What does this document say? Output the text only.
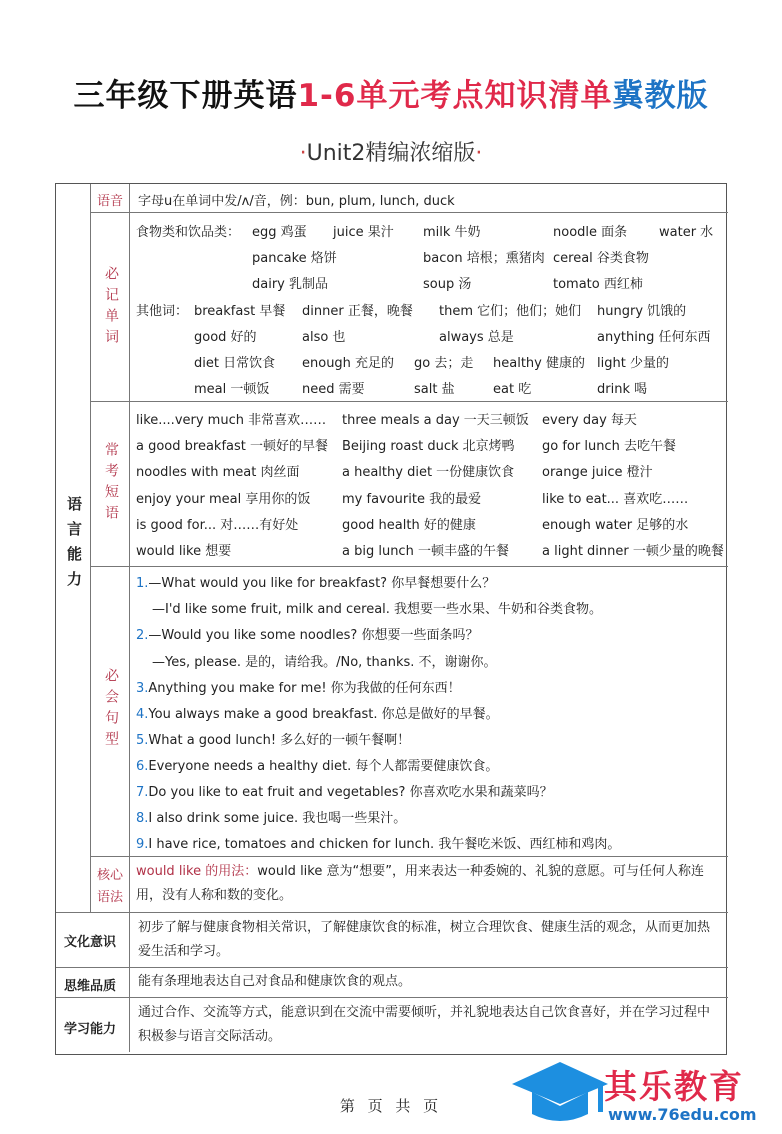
三年级下册英语1-6单元考点知识清单冀教版
·Unit2精编浓缩版·
语言能力
语音 字母u在单词中发/ʌ/音，例：bun, plum, lunch, duck
必记单词
食物类和饮品类： egg 鸡蛋 juice 果汁 milk 牛奶	noodle 面条 water 水
pancake 烙饼	bacon 培根；熏猪肉 cereal 谷类食物
dairy 乳制品	soup 汤	tomato 西红柿
其他词： breakfast 早餐 dinner 正餐，晚餐 them 它们；他们；她们 hungry 饥饿的
good 好的	also 也	always 总是	anything 任何东西
diet 日常饮食 enough 充足的 go 去；走 healthy 健康的 light 少量的
meal 一顿饭	need 需要	salt 盐	eat 吃	drink 喝
常考短语
like....very much 非常喜欢…… three meals a day 一天三顿饭 every day 每天
a good breakfast 一顿好的早餐 Beijing roast duck 北京烤鸭 go for lunch 去吃午餐
noodles with meat 肉丝面	a healthy diet 一份健康饮食 orange juice 橙汁
enjoy your meal 享用你的饭 my favourite 我的最爱	like to eat... 喜欢吃……
is good for... 对……有好处	good health 好的健康	enough water 足够的水
would like 想要	a big lunch 一顿丰盛的午餐	a light dinner 一顿少量的晚餐
必会句型
1.—What would you like for breakfast? 你早餐想要什么？
—I'd like some fruit, milk and cereal. 我想要一些水果、牛奶和谷类食物。
2.—Would you like some noodles? 你想要一些面条吗？
—Yes, please. 是的，请给我。/No, thanks. 不，谢谢你。
3.Anything you make for me! 你为我做的任何东西！
4.You always make a good breakfast. 你总是做好的早餐。
5.What a good lunch! 多么好的一顿午餐啊！
6.Everyone needs a healthy diet. 每个人都需要健康饮食。
7.Do you like to eat fruit and vegetables? 你喜欢吃水果和蔬菜吗？
8.I also drink some juice. 我也喝一些果汁。
9.I have rice, tomatoes and chicken for lunch. 我午餐吃米饭、西红柿和鸡肉。
核心
语法
would like 的用法：would like 意为“想要”，用来表达一种委婉的、礼貌的意愿。可与任何人称连用，没有人称和数的变化。
文化意识
初步了解与健康食物相关常识，了解健康饮食的标准，树立合理饮食、健康生活的观念，从而更加热爱生活和学习。
思维品质 能有条理地表达自己对食品和健康饮食的观点。
学习能力
通过合作、交流等方式，能意识到在交流中需要倾听，并礼貌地表达自己饮食喜好，并在学习过程中积极参与语言交际活动。
第 页 共 页	其乐教育
www.76edu.com
